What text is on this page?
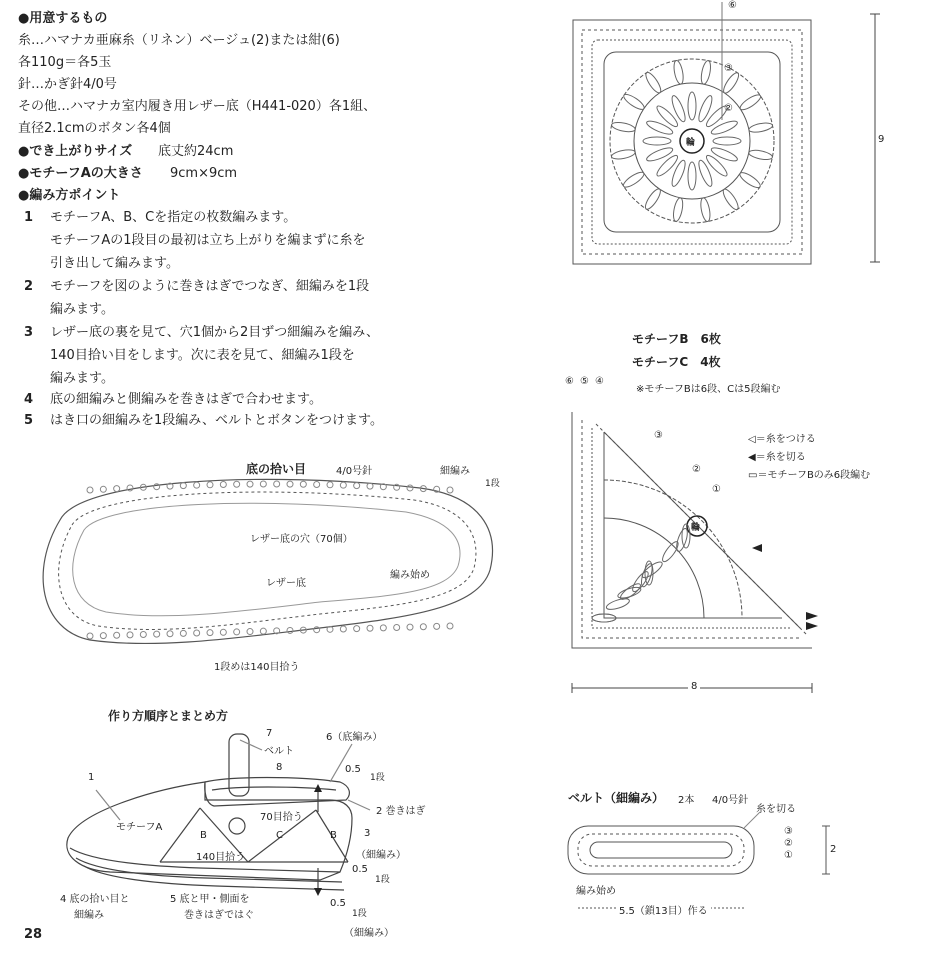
●用意するもの
糸…ハマナカ亜麻糸（リネン）ベージュ(2)または紺(6)
各110g＝各5玉
針…かぎ針4/0号
その他…ハマナカ室内履き用レザー底（H441-020）各1組、
直径2.1cmのボタン各4個
●でき上がりサイズ 底丈約24cm
●モチーフAの大きさ 9cm×9cm
●編み方ポイント
1 モチーフA、B、Cを指定の枚数編みます。
モチーフAの1段目の最初は立ち上がりを編まずに糸を
引き出して編みます。
2 モチーフを図のように巻きはぎでつなぎ、細編みを1段
編みます。
3 レザー底の裏を見て、穴1個から2目ずつ細編みを編み、
140目拾い目をします。次に表を見て、細編み1段を
編みます。
4 底の細編みと側編みを巻きはぎで合わせます。
5 はき口の細編みを1段編み、ベルトとボタンをつけます。
9
⑥
③
②
輪
モチーフB　6枚
モチーフC　4枚
⑥ ⑤ ④
※モチーフBは6段、Cは5段編む
③
②
①
輪
8
◁＝糸をつける
◀＝糸を切る
▭＝モチーフBのみ6段編む
底の拾い目	4/0号針	細編み
1段
レザー底の穴（70個）
レザー底
編み始め
1段めは140目拾う
作り方順序とまとめ方
1
モチーフA
7
ベルト
8
6（底編み）
0.5
1段
2 巻きはぎ
70目拾う
B	C	B
140目拾う
3
（細編み）
0.5
1段
4 底の拾い目と
細編み
5 底と甲・側面を
巻きはぎではぐ
0.5
1段
（細編み）
ベルト（細編み） 2本 4/0号針
糸を切る
③
②
①
2
編み始め
5.5（鎖13目）作る
28
